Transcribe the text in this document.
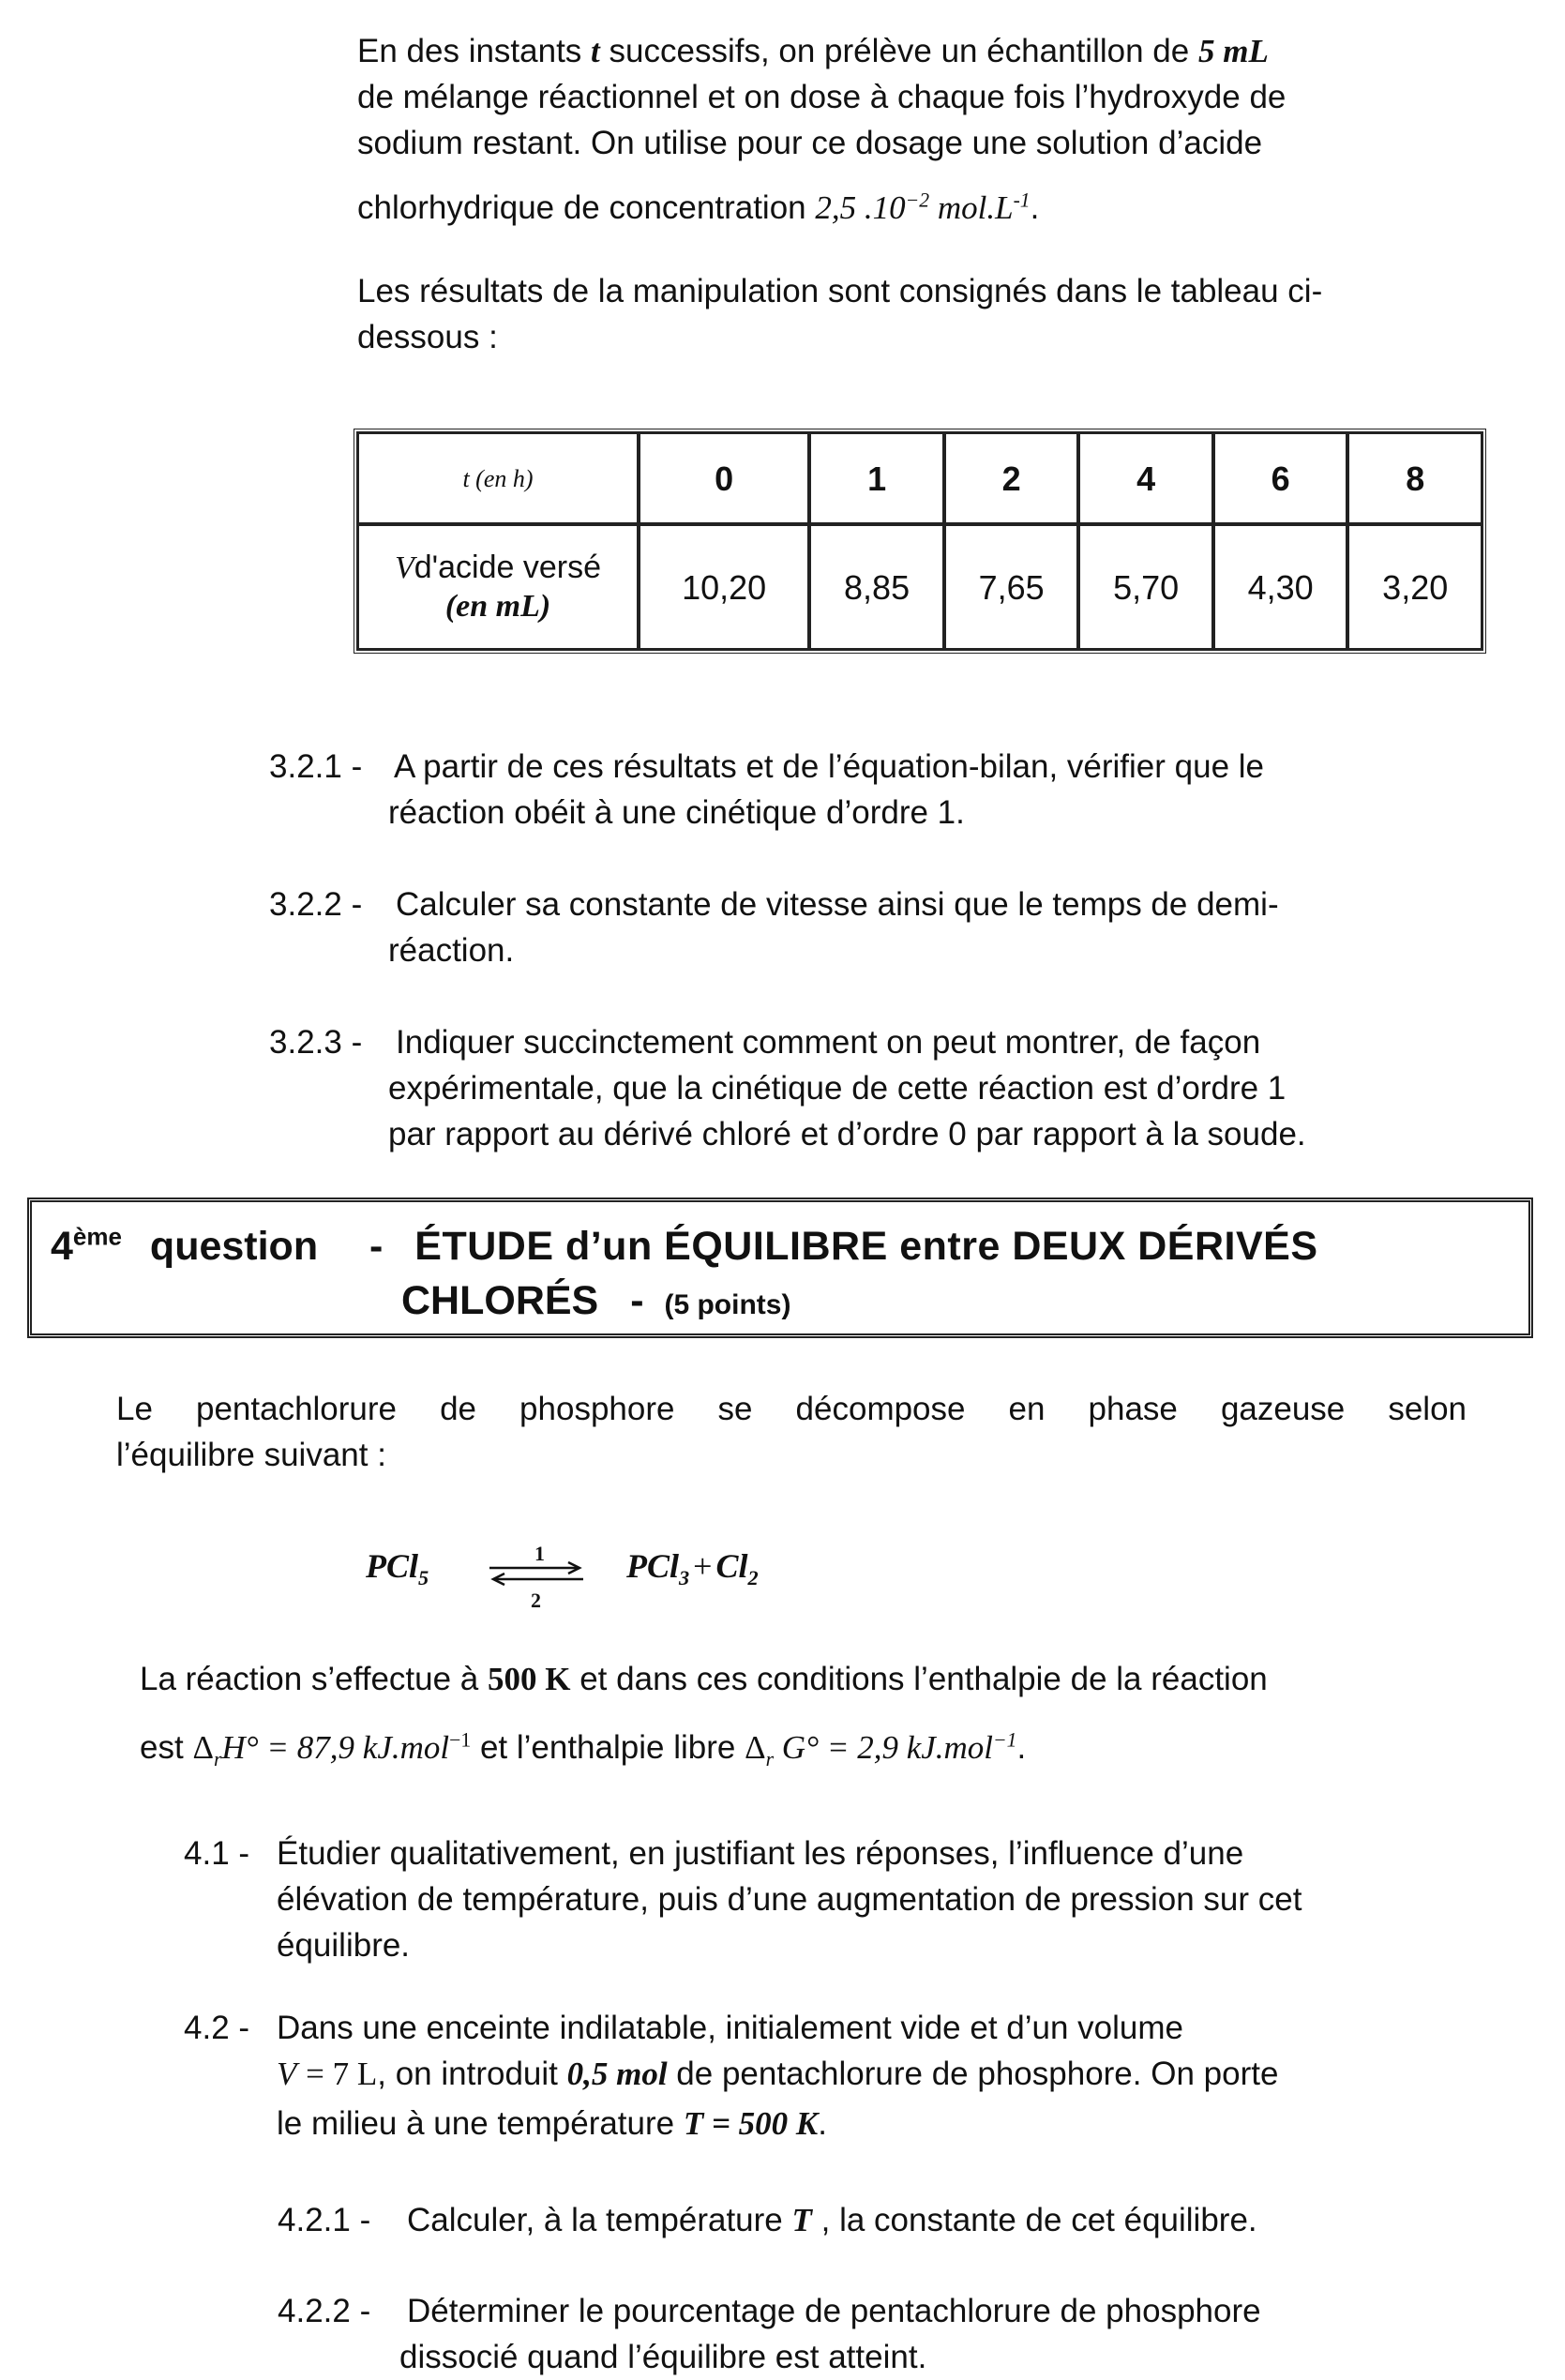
En des instants t successifs, on prélève un échantillon de 5 mL
de mélange réactionnel et on dose à chaque fois l’hydroxyde de
sodium restant. On utilise pour ce dosage une solution d’acide
chlorhydrique de concentration 2,5 $.10^{-2}$ $mol.L^{-1}$.
Les résultats de la manipulation sont consignés dans le tableau ci-
dessous :
t (en h)	0	1	2	4	6	8
Vd'acide versé
(en mL)	10,20	8,85	7,65	5,70	4,30	3,20
3.2.1 - A partir de ces résultats et de l’équation-bilan, vérifier que le
réaction obéit à une cinétique d’ordre 1.
3.2.2 - Calculer sa constante de vitesse ainsi que le temps de demi-
réaction.
3.2.3 - Indiquer succinctement comment on peut montrer, de façon
expérimentale, que la cinétique de cette réaction est d’ordre 1
par rapport au dérivé chloré et d’ordre 0 par rapport à la soude.
4ème question - ÉTUDE d’un ÉQUILIBRE entre DEUX DÉRIVÉS
CHLORÉS - (5 points)
Le pentachlorure de phosphore se décompose en phase gazeuse selon
l’équilibre suivant :
PCl$_5$
1
2
$PCl_3 + Cl_2$
La réaction s’effectue à 500 K et dans ces conditions l’enthalpie de la réaction
est $\Delta_rH^\circ = 87,9$ kJ.mol$^{-1}$ et l’enthalpie libre $\Delta_r$ G° = 2,9 kJ.mol$^{-1}$.
4.1 - Étudier qualitativement, en justifiant les réponses, l’influence d’une
élévation de température, puis d’une augmentation de pression sur cet
équilibre.
4.2 - Dans une enceinte indilatable, initialement vide et d’un volume
V = 7 L, on introduit 0,5 mol de pentachlorure de phosphore. On porte
le milieu à une température T = 500 K.
4.2.1 - Calculer, à la température T , la constante de cet équilibre.
4.2.2 - Déterminer le pourcentage de pentachlorure de phosphore
dissocié quand l’équilibre est atteint.
